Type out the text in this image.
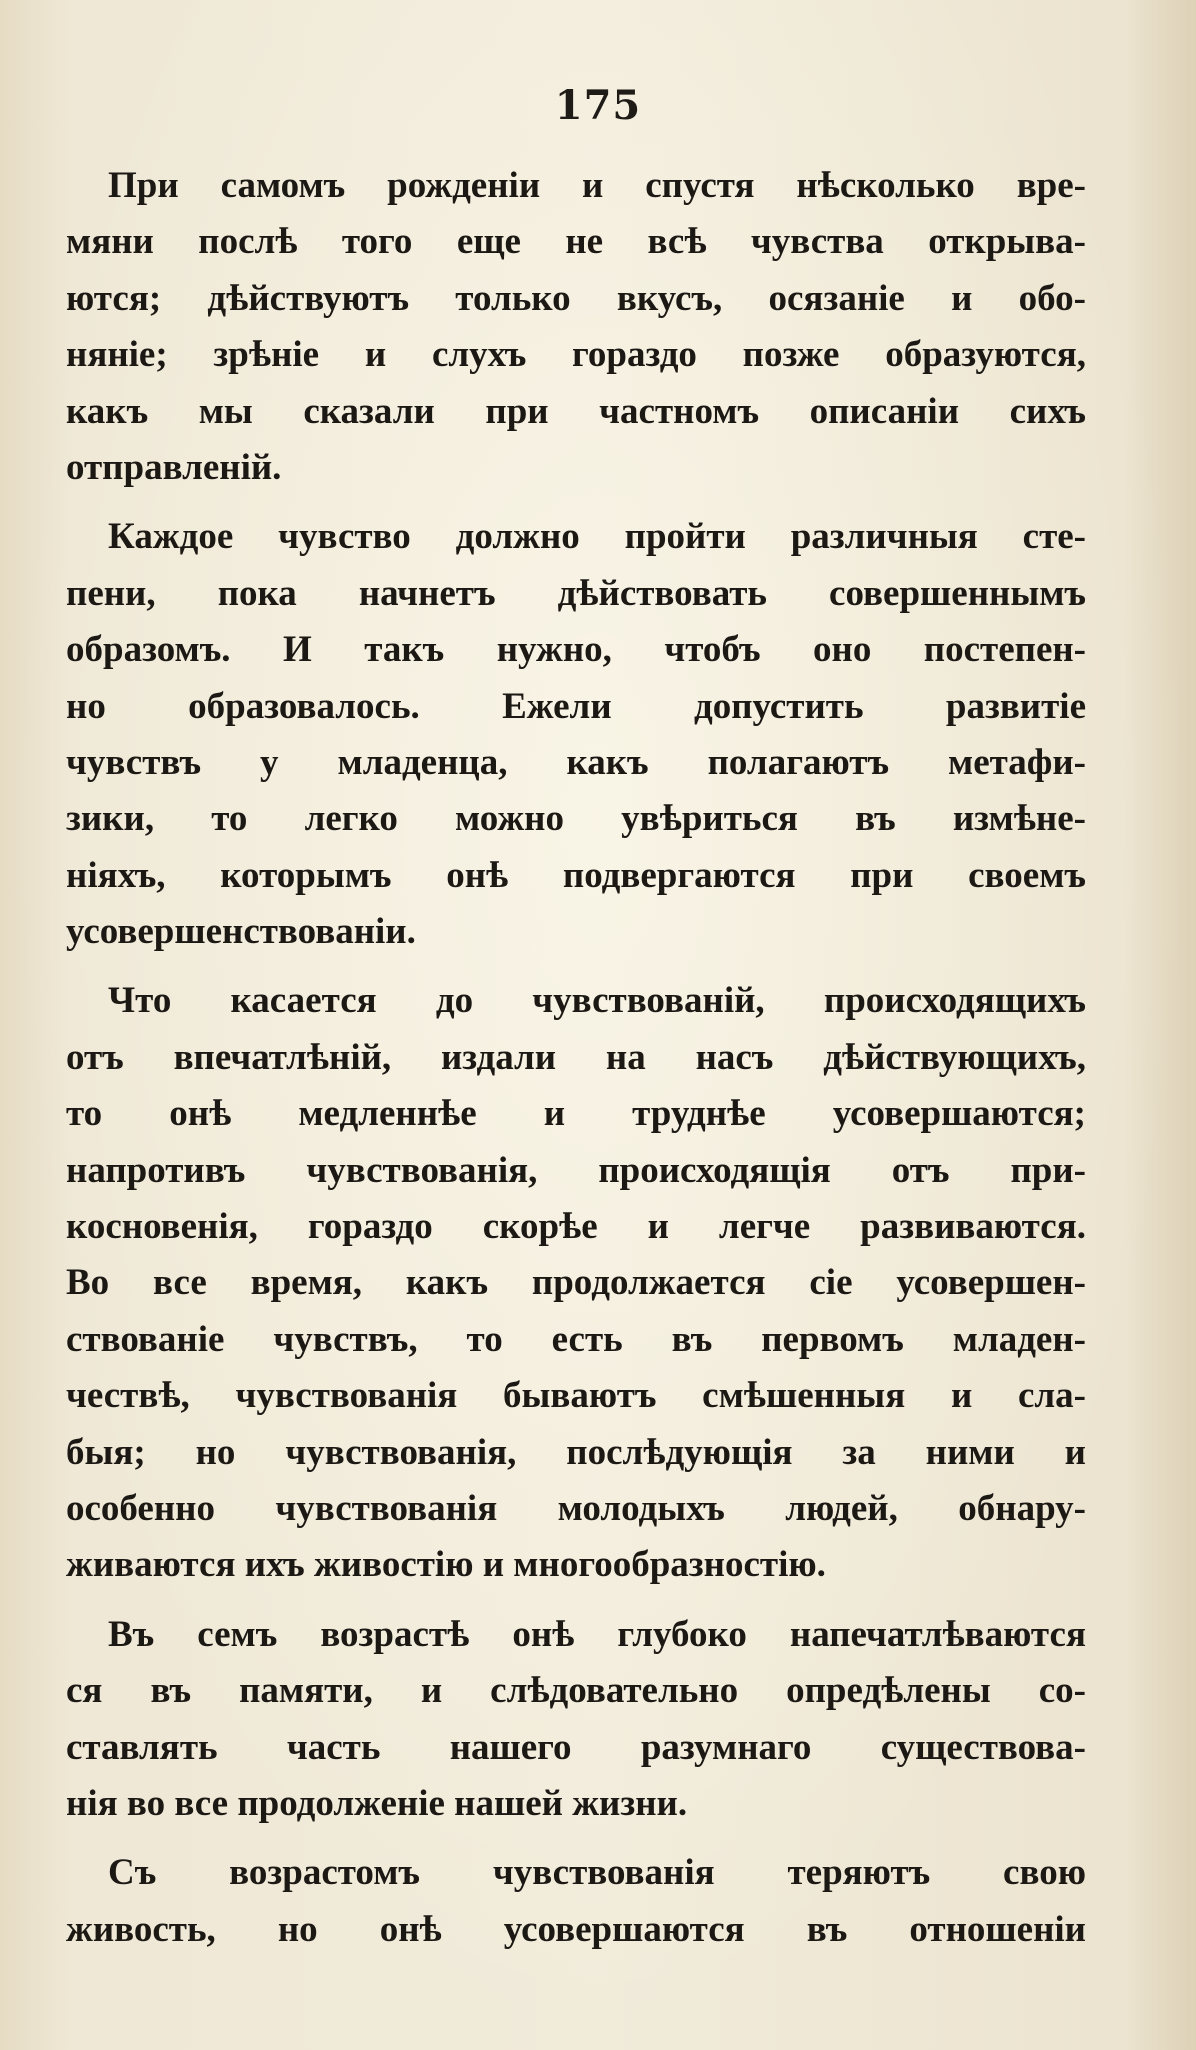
175
При самомъ рожденіи и спустя нѣсколько вре-
мяни послѣ того еще не всѣ чувства открыва-
ются; дѣйствуютъ только вкусъ, осязаніе и обо-
няніе; зрѣніе и слухъ гораздо позже образуются,
какъ мы сказали при частномъ описаніи сихъ
отправленій.
Каждое чувство должно пройти различныя сте-
пени, пока начнетъ дѣйствовать совершеннымъ
образомъ. И такъ нужно, чтобъ оно постепен-
но образовалось. Ежели допустить развитіе
чувствъ у младенца, какъ полагаютъ метафи-
зики, то легко можно увѣриться въ измѣне-
ніяхъ, которымъ онѣ подвергаются при своемъ
усовершенствованіи.
Что касается до чувствованій, происходящихъ
отъ впечатлѣній, издали на насъ дѣйствующихъ,
то онѣ медленнѣе и труднѣе усовершаются;
напротивъ чувствованія, происходящія отъ при-
косновенія, гораздо скорѣе и легче развиваются.
Во все время, какъ продолжается сіе усовершен-
ствованіе чувствъ, то есть въ первомъ младен-
чествѣ, чувствованія бываютъ смѣшенныя и сла-
быя; но чувствованія, послѣдующія за ними и
особенно чувствованія молодыхъ людей, обнару-
живаются ихъ живостію и многообразностію.
Въ семъ возрастѣ онѣ глубоко напечатлѣваются
ся въ памяти, и слѣдовательно опредѣлены со-
ставлять часть нашего разумнаго существова-
нія во все продолженіе нашей жизни.
Съ возрастомъ чувствованія теряютъ свою
живость, но онѣ усовершаются въ отношеніи
